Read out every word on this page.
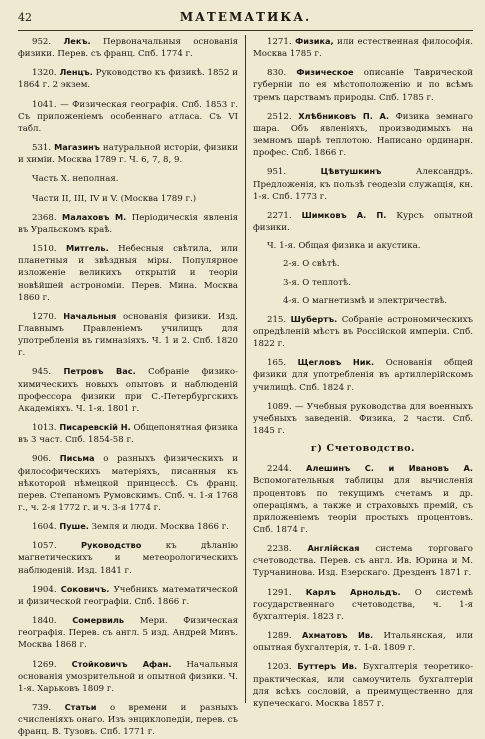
42	МАТЕМАТИКА.

952. Лекъ. Первоначальныя основанія физики. Перев. съ франц. Спб. 1774 г.

1320. Ленцъ. Руководство къ физикѣ. 1852 и 1864 г. 2 экзем.

1041. — Физическая географія. Спб. 1853 г. Съ приложеніемъ особеннаго атласа. Съ VI табл.

531. Магазинъ натуральной исторіи, физики и химіи. Москва 1789 г. Ч. 6, 7, 8, 9.

Часть X. неполная.

Части II, III, IV и V. (Москва 1789 г.)

2368. Малаховъ М. Періодическія явленія въ Уральскомъ краѣ.

1510. Митгель. Небесныя свѣтила, или планетныя и звѣздныя міры. Популярное изложеніе великихъ открытій и теоріи новѣйшей астрономіи. Перев. Мина. Москва 1860 г.

1270. Начальныя основанія физики. Изд. Главнымъ Правленіемъ училищъ для употребленія въ гимназіяхъ. Ч. 1 и 2. Спб. 1820 г.

945. Петровъ Вас. Собраніе физико-химическихъ новыхъ опытовъ и наблюденій профессора физики при С.-Петербургскихъ Академіяхъ. Ч. 1-я. 1801 г.

1013. Писаревскій Н. Общепонятная физика въ 3 част. Спб. 1854-58 г.

906. Письма о разныхъ физическихъ и философическихъ матеріяхъ, писанныя къ нѣкоторой нѣмецкой принцессѣ. Съ франц. перев. Степаномъ Румовскимъ. Спб. ч. 1-я 1768 г., ч. 2-я 1772 г. и ч. 3-я 1774 г.

1604. Пуше. Земля и люди. Москва 1866 г.

1057. Руководство къ дѣланію магнетическихъ и метеорологическихъ наблюденій. Изд. 1841 г.

1904. Соковичъ. Учебникъ математической и физической географіи. Спб. 1866 г.

1840. Сомервиль Мери. Физическая географія. Перев. съ англ. 5 изд. Андрей Минъ. Москва 1868 г.

1269. Стойковичъ Афан. Начальныя основанія умозрительной и опытной физики. Ч. 1-я. Харьковъ 1809 г.

739. Статьи о времени и разныхъ счисленіяхъ онаго. Изъ энциклопедіи, перев. съ франц. В. Тузовъ. Спб. 1771 г.

1271. Физика, или естественная философія. Москва 1785 г.

830. Физическое описаніе Таврической губерніи по ея мѣстоположенію и по всѣмъ тремъ царствамъ природы. Спб. 1785 г.

2512. Хлѣбниковъ П. А. Физика земнаго шара. Объ явленіяхъ, производимыхъ на земномъ шарѣ теплотою. Написано ординарн. профес. Спб. 1866 г.

951. Цѣвтушкинъ Александръ. Предложенія, къ пользѣ геодезіи служащія, кн. 1-я. Спб. 1773 г.

2271. Шимковъ А. П. Курсъ опытной физики.

Ч. 1-я. Общая физика и акустика.
2-я. О свѣтѣ.
3-я. О теплотѣ.
4-я. О магнетизмѣ и электричествѣ.

215. Шубертъ. Собраніе астрономическихъ опредѣленій мѣстъ въ Россійской имперіи. Спб. 1822 г.

165. Щегловъ Ник. Основанія общей физики для употребленія въ артиллерійскомъ училищѣ. Спб. 1824 г.

1089. — Учебныя руководства для военныхъ учебныхъ заведеній. Физика, 2 части. Спб. 1845 г.

г) Счетоводство.

2244. Алешинъ С. и Ивановъ А. Вспомогательныя таблицы для вычисленія процентовъ по текущимъ счетамъ и др. операціямъ, а также и страховыхъ премій, съ приложеніемъ теоріи простыхъ процентовъ. Спб. 1874 г.

2238. Англійская система торговаго счетоводства. Перев. съ англ. Ив. Юрина и М. Турчанинова. Изд. Езерскаго. Дрезденъ 1871 г.

1291. Карлъ Арнольдъ. О системѣ государственнаго счетоводства, ч. 1-я бухгалтерія. 1823 г.

1289. Ахматовъ Ив. Итальянская, или опытная бухгалтерія, т. 1-й. 1809 г.

1203. Буттеръ Ив. Бухгалтерія теоретико-практическая, или самоучитель бухгалтеріи для всѣхъ сословій, а преимущественно для купеческаго. Москва 1857 г.
